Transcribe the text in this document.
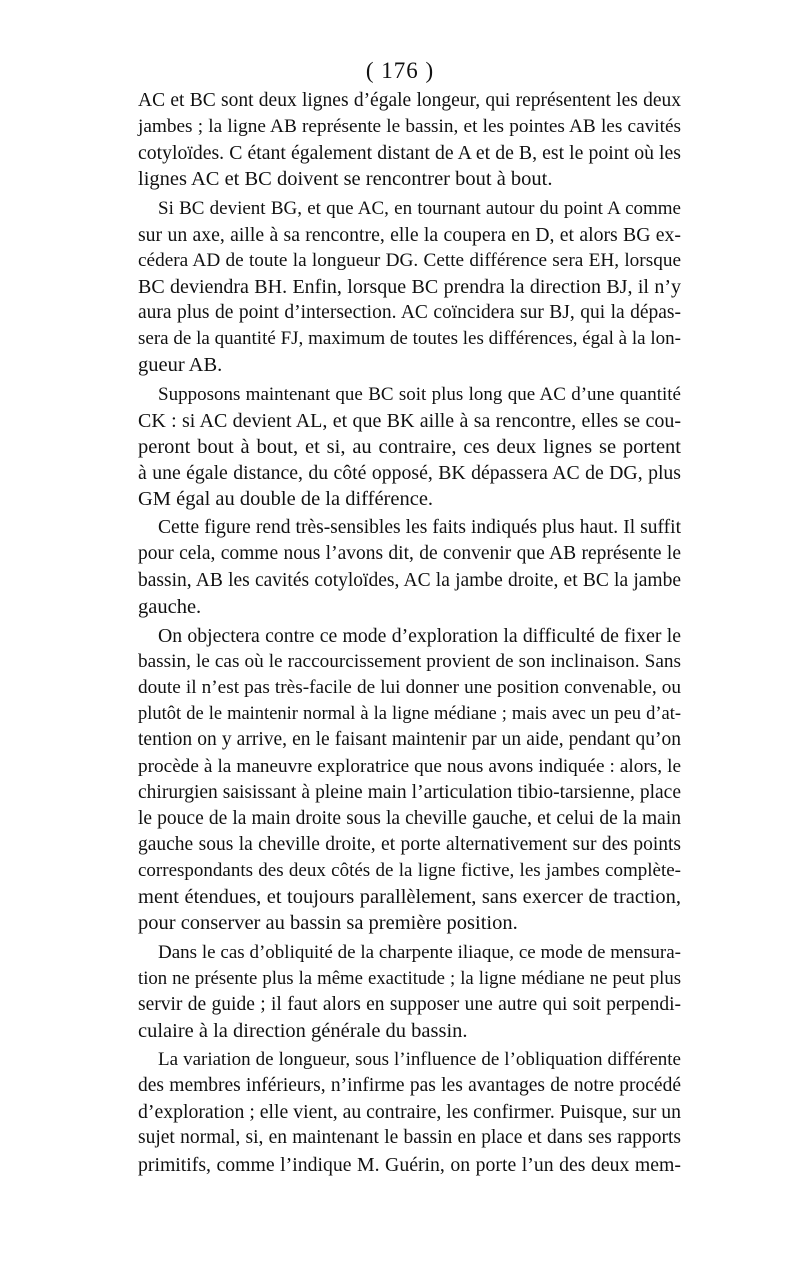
( 176 )
AC et BC sont deux lignes d’égale longeur, qui représentent les deux
jambes ; la ligne AB représente le bassin, et les pointes AB les cavités
cotyloïdes. C étant également distant de A et de B, est le point où les
lignes AC et BC doivent se rencontrer bout à bout.
Si BC devient BG, et que AC, en tournant autour du point A comme
sur un axe, aille à sa rencontre, elle la coupera en D, et alors BG ex-
cédera AD de toute la longueur DG. Cette différence sera EH, lorsque
BC deviendra BH. Enfin, lorsque BC prendra la direction BJ, il n’y
aura plus de point d’intersection. AC coïncidera sur BJ, qui la dépas-
sera de la quantité FJ, maximum de toutes les différences, égal à la lon-
gueur AB.
Supposons maintenant que BC soit plus long que AC d’une quantité
CK : si AC devient AL, et que BK aille à sa rencontre, elles se cou-
peront bout à bout, et si, au contraire, ces deux lignes se portent
à une égale distance, du côté opposé, BK dépassera AC de DG, plus
GM égal au double de la différence.
Cette figure rend très-sensibles les faits indiqués plus haut. Il suffit
pour cela, comme nous l’avons dit, de convenir que AB représente le
bassin, AB les cavités cotyloïdes, AC la jambe droite, et BC la jambe
gauche.
On objectera contre ce mode d’exploration la difficulté de fixer le
bassin, le cas où le raccourcissement provient de son inclinaison. Sans
doute il n’est pas très-facile de lui donner une position convenable, ou
plutôt de le maintenir normal à la ligne médiane ; mais avec un peu d’at-
tention on y arrive, en le faisant maintenir par un aide, pendant qu’on
procède à la maneuvre exploratrice que nous avons indiquée : alors, le
chirurgien saisissant à pleine main l’articulation tibio-tarsienne, place
le pouce de la main droite sous la cheville gauche, et celui de la main
gauche sous la cheville droite, et porte alternativement sur des points
correspondants des deux côtés de la ligne fictive, les jambes complète-
ment étendues, et toujours parallèlement, sans exercer de traction,
pour conserver au bassin sa première position.
Dans le cas d’obliquité de la charpente iliaque, ce mode de mensura-
tion ne présente plus la même exactitude ; la ligne médiane ne peut plus
servir de guide ; il faut alors en supposer une autre qui soit perpendi-
culaire à la direction générale du bassin.
La variation de longueur, sous l’influence de l’obliquation différente
des membres inférieurs, n’infirme pas les avantages de notre procédé
d’exploration ; elle vient, au contraire, les confirmer. Puisque, sur un
sujet normal, si, en maintenant le bassin en place et dans ses rapports
primitifs, comme l’indique M. Guérin, on porte l’un des deux mem-
